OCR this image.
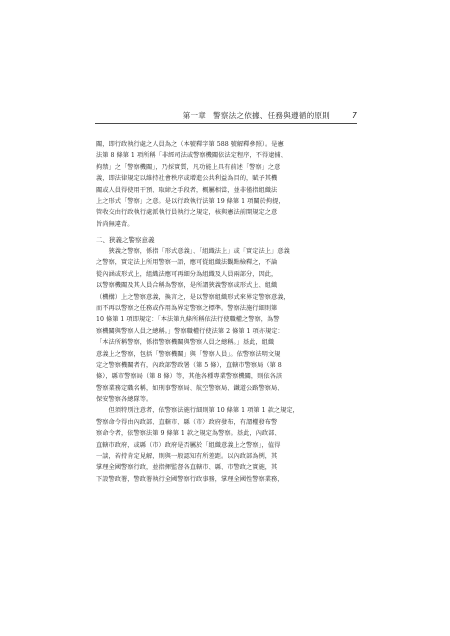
第一章 警察法之依據、任務與遵循的原則	7

關，即行政執行處之人員為之（本號釋字第 588 號解釋參照）。是憲
法第 8 條第 1 項所稱「非經司法或警察機關依法定程序，不得逮捕、
拘禁」之「警察機關」，乃採實質，凡功能上具有前述「警察」之意
義，即法律規定以維持社會秩序或增進公共利益為目的，賦予其機
關或人員得使用干預、取締之手段者，概屬相當，並非僅指組織法
上之形式「警察」之意。是以行政執行法第 19 條第 1 項關於拘提，
管收交由行政執行處派執行員執行之規定，核與憲法前開規定之意
旨尚無違背。

二、狹義之警察意義

狹義之警察，係指「形式意義」、「組織法上」或「實定法上」意義
之警察，實定法上所用警察一語，應可從組織法觀點檢釋之，不論
從內涵或形式上，組織法應可再細分為組織及人員兩部分，因此，
以警察機關及其人員合稱為警察，是所謂狹義警察或形式上、組織
（機構）上之警察意義，換言之，是以警察組織形式來界定警察意義，
而不再以警察之任務或作用為界定警察之標準。警察法施行細則第
10 條第 1 項即規定：「本法第九條所稱依法行使職權之警察，為警
察機關與警察人員之總稱。」警察職權行使法第 2 條第 1 項亦規定：
「本法所稱警察，係指警察機關與警察人員之總稱。」基此，組織
意義上之警察，包括「警察機關」與「警察人員」。依警察法明文規
定之警察機關者有，內政部警政署（第 5 條），直轄市警察局（第 8
條），縣市警察局（第 8 條）等，其他各種專業警察機關，則依各該
警察業務定職名稱，如刑事警察局、航空警察局、鐵道公路警察局、
保安警察各總隊等。

但須特別注意者，依警察法施行細則第 10 條第 1 項第 1 款之規定，
警察命令得由內政部、直轄市、縣（市）政府發布，有謂權發布警
察命令者，依警察法第 9 條第 1 款之規定為警察。基此，內政部、
直轄市政府，或縣（市）政府是否屬於「組織意義上之警察」，值得
一談，若持肯定見解，則與一般認知有所差距。以內政部為例，其
掌理全國警察行政，並指揮監督各直轄市、縣、市警政之實施，其
下設警政署，警政署執行全國警察行政事務，掌理全國性警察業務，
